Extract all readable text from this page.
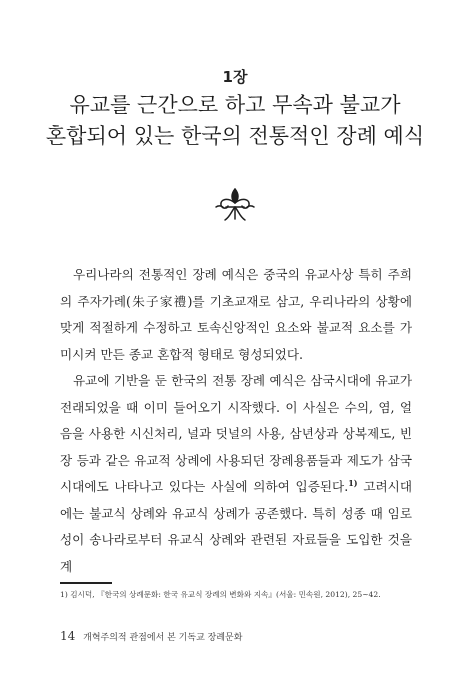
1장
유교를 근간으로 하고 무속과 불교가
혼합되어 있는 한국의 전통적인 장례 예식

우리나라의 전통적인 장례 예식은 중국의 유교사상 특히 주희의 주자가례(朱子家禮)를 기초교재로 삼고, 우리나라의 상황에 맞게 적절하게 수정하고 토속신앙적인 요소와 불교적 요소를 가미시켜 만든 종교 혼합적 형태로 형성되었다.

유교에 기반을 둔 한국의 전통 장례 예식은 삼국시대에 유교가 전래되었을 때 이미 들어오기 시작했다. 이 사실은 수의, 염, 얼음을 사용한 시신처리, 널과 덧널의 사용, 삼년상과 상복제도, 빈장 등과 같은 유교적 상례에 사용되던 장례용품들과 제도가 삼국시대에도 나타나고 있다는 사실에 의하여 입증된다.$^{1)}$ 고려시대에는 불교식 상례와 유교식 상례가 공존했다. 특히 성종 때 임로성이 송나라로부터 유교식 상례와 관련된 자료들을 도입한 것을 계

1) 김시덕, 『한국의 상례문화: 한국 유교식 장례의 변화와 지속』(서울: 민속원, 2012), 25~42.
14 개혁주의적 관점에서 본 기독교 장례문화
